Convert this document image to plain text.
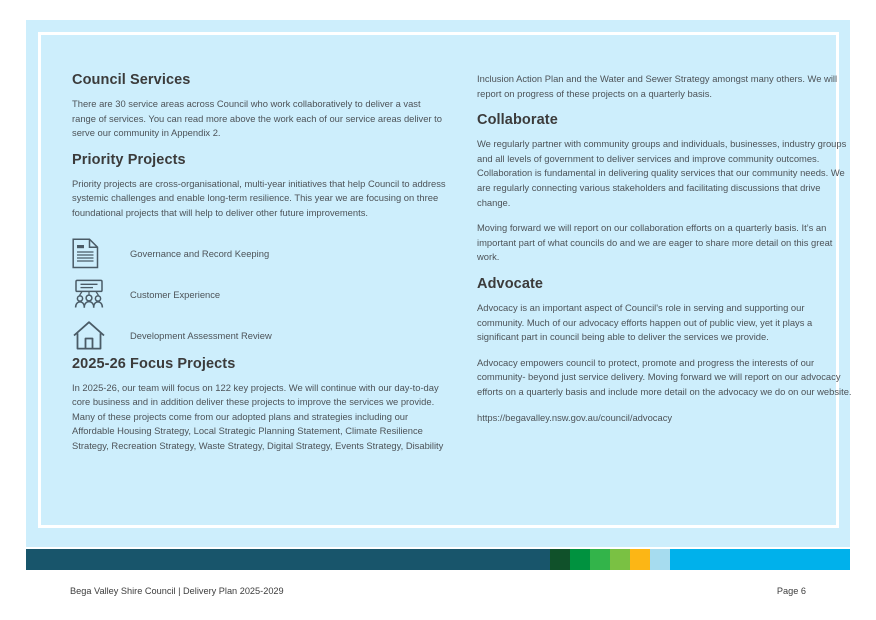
Council Services

There are 30 service areas across Council who work collaboratively to deliver a vast range of services. You can read more above the work each of our service areas deliver to serve our community in Appendix 2.

Priority Projects

Priority projects are cross-organisational, multi-year initiatives that help Council to address systemic challenges and enable long-term resilience. This year we are focusing on three foundational projects that will help to deliver other future improvements.

Governance and Record Keeping
Customer Experience
Development Assessment Review
2025-26 Focus Projects

In 2025-26, our team will focus on 122 key projects. We will continue with our day-to-day core business and in addition deliver these projects to improve the services we provide. Many of these projects come from our adopted plans and strategies including our Affordable Housing Strategy, Local Strategic Planning Statement, Climate Resilience Strategy, Recreation Strategy, Waste Strategy, Digital Strategy, Events Strategy, Disability

Inclusion Action Plan and the Water and Sewer Strategy amongst many others. We will report on progress of these projects on a quarterly basis.

Collaborate

We regularly partner with community groups and individuals, businesses, industry groups and all levels of government to deliver services and improve community outcomes. Collaboration is fundamental in delivering quality services that our community needs. We are regularly connecting various stakeholders and facilitating discussions that drive change.

Moving forward we will report on our collaboration efforts on a quarterly basis. It’s an important part of what councils do and we are eager to share more detail on this great work.

Advocate

Advocacy is an important aspect of Council's role in serving and supporting our community. Much of our advocacy efforts happen out of public view, yet it plays a significant part in council being able to deliver the services we provide.

Advocacy empowers council to protect, promote and progress the interests of our community- beyond just service delivery. Moving forward we will report on our advocacy efforts on a quarterly basis and include more detail on the advocacy we do on our website.

https://begavalley.nsw.gov.au/council/advocacy

Bega Valley Shire Council | Delivery Plan 2025-2029	Page 6
